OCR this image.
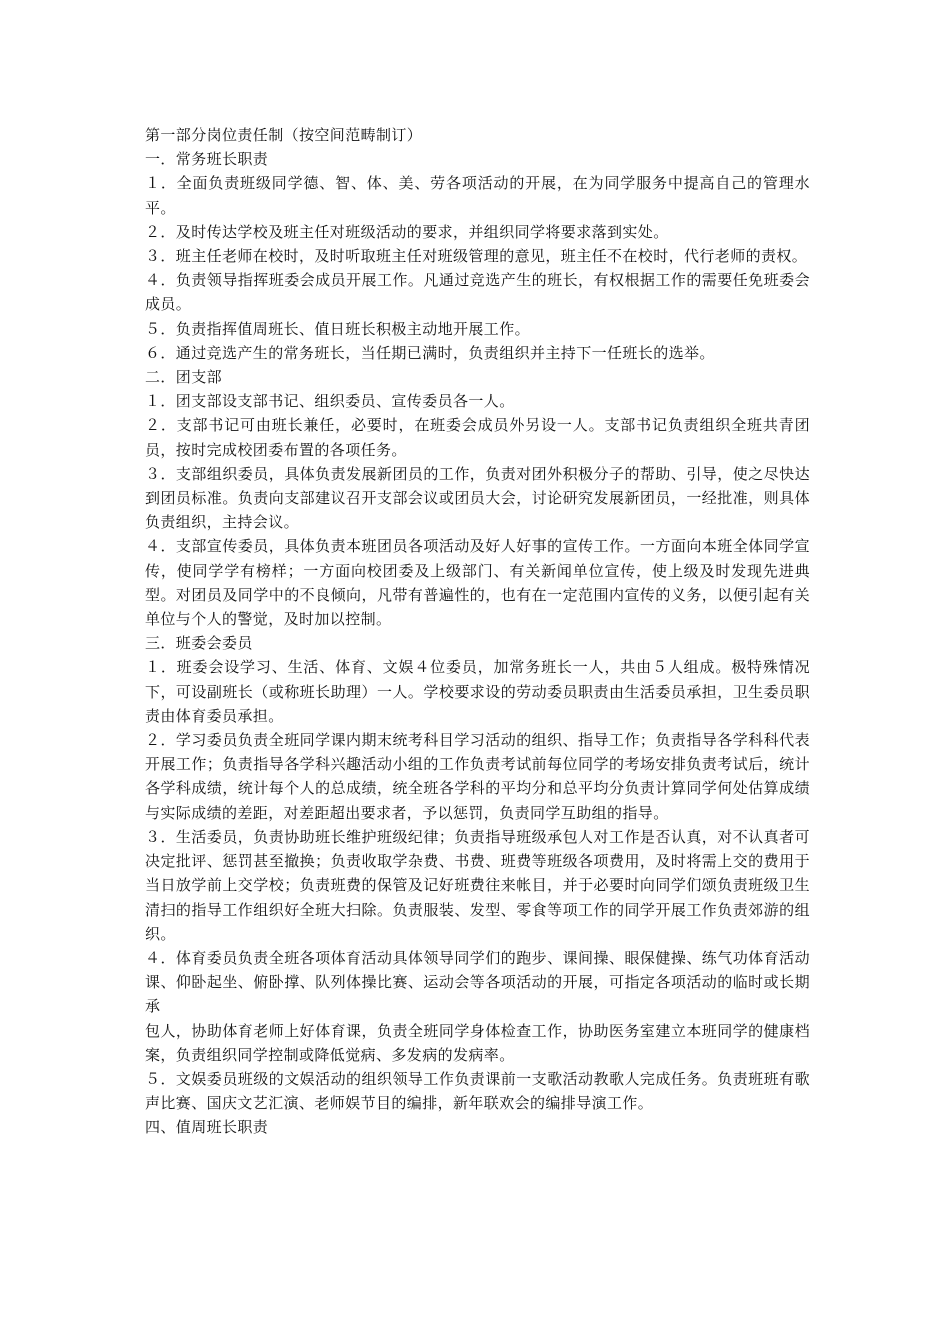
第一部分岗位责任制（按空间范畴制订）

一．常务班长职责

１．全面负责班级同学德、智、体、美、劳各项活动的开展，在为同学服务中提高自己的管理水平。

２．及时传达学校及班主任对班级活动的要求，并组织同学将要求落到实处。

３．班主任老师在校时，及时听取班主任对班级管理的意见，班主任不在校时，代行老师的责权。

４．负责领导指挥班委会成员开展工作。凡通过竞选产生的班长，有权根据工作的需要任免班委会成员。

５．负责指挥值周班长、值日班长积极主动地开展工作。

６．通过竞选产生的常务班长，当任期已满时，负责组织并主持下一任班长的选举。

二．团支部

１．团支部设支部书记、组织委员、宣传委员各一人。

２．支部书记可由班长兼任，必要时，在班委会成员外另设一人。支部书记负责组织全班共青团员，按时完成校团委布置的各项任务。

３．支部组织委员，具体负责发展新团员的工作，负责对团外积极分子的帮助、引导，使之尽快达到团员标准。负责向支部建议召开支部会议或团员大会，讨论研究发展新团员，一经批准，则具体负责组织，主持会议。

４．支部宣传委员，具体负责本班团员各项活动及好人好事的宣传工作。一方面向本班全体同学宣传，使同学学有榜样；一方面向校团委及上级部门、有关新闻单位宣传，使上级及时发现先进典型。对团员及同学中的不良倾向，凡带有普遍性的，也有在一定范围内宣传的义务，以便引起有关单位与个人的警觉，及时加以控制。

三．班委会委员

１．班委会设学习、生活、体育、文娱４位委员，加常务班长一人，共由５人组成。极特殊情况下，可设副班长（或称班长助理）一人。学校要求设的劳动委员职责由生活委员承担，卫生委员职责由体育委员承担。

２．学习委员负责全班同学课内期末统考科目学习活动的组织、指导工作；负责指导各学科科代表开展工作；负责指导各学科兴趣活动小组的工作负责考试前每位同学的考场安排负责考试后，统计各学科成绩，统计每个人的总成绩，统全班各学科的平均分和总平均分负责计算同学何处估算成绩与实际成绩的差距，对差距超出要求者，予以惩罚，负责同学互助组的指导。

３．生活委员，负责协助班长维护班级纪律；负责指导班级承包人对工作是否认真，对不认真者可决定批评、惩罚甚至撤换；负责收取学杂费、书费、班费等班级各项费用，及时将需上交的费用于当日放学前上交学校；负责班费的保管及记好班费往来帐目，并于必要时向同学们颂负责班级卫生清扫的指导工作组织好全班大扫除。负责服装、发型、零食等项工作的同学开展工作负责郊游的组织。

４．体育委员负责全班各项体育活动具体领导同学们的跑步、课间操、眼保健操、练气功体育活动课、仰卧起坐、俯卧撑、队列体操比赛、运动会等各项活动的开展，可指定各项活动的临时或长期承

包人，协助体育老师上好体育课，负责全班同学身体检查工作，协助医务室建立本班同学的健康档案，负责组织同学控制或降低觉病、多发病的发病率。

５．文娱委员班级的文娱活动的组织领导工作负责课前一支歌活动教歌人完成任务。负责班班有歌声比赛、国庆文艺汇演、老师娱节目的编排，新年联欢会的编排导演工作。

四、值周班长职责
